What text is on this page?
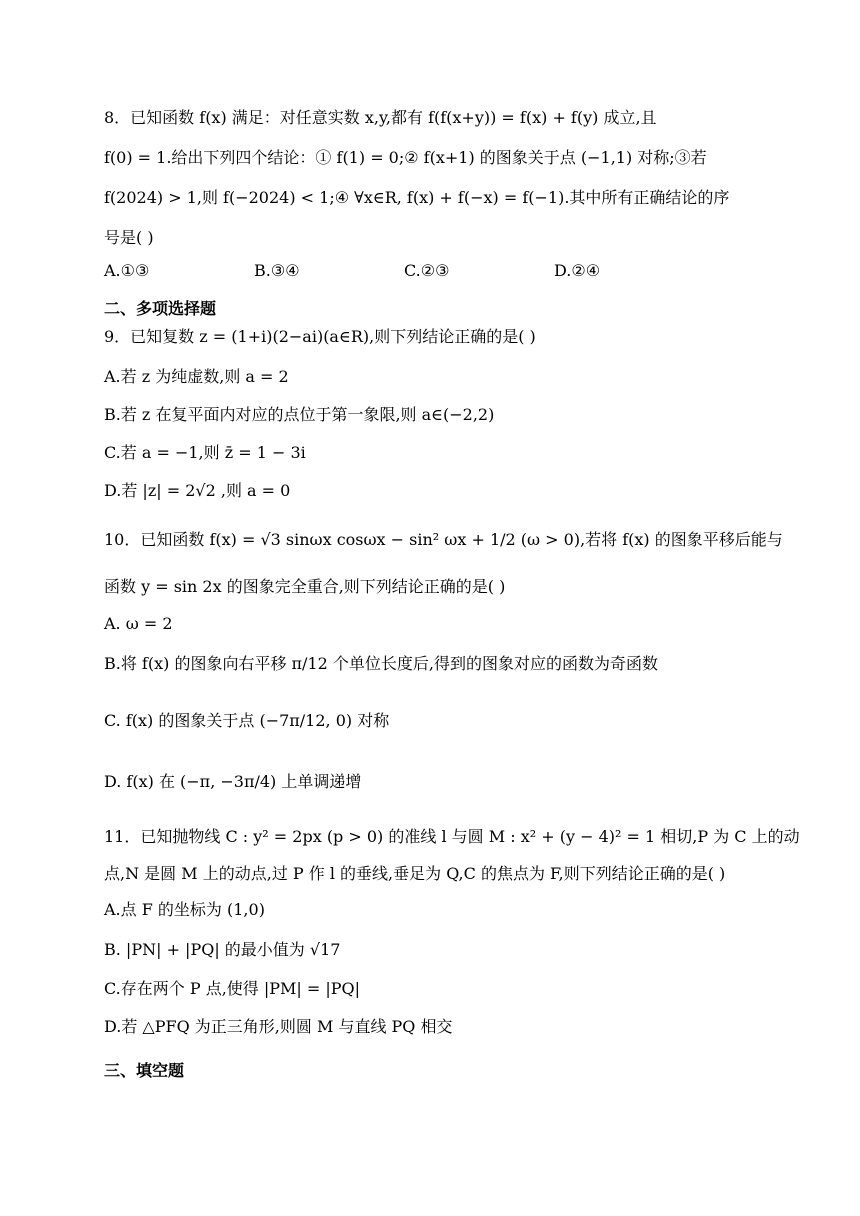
8．已知函数 f(x) 满足：对任意实数 x,y,都有 f(f(x+y)) = f(x) + f(y) 成立,且
f(0) = 1.给出下列四个结论：① f(1) = 0;② f(x+1) 的图象关于点 (−1,1) 对称;③若
f(2024) > 1,则 f(−2024) < 1;④ ∀x∈R, f(x) + f(−x) = f(−1).其中所有正确结论的序
号是( )
A.①③	B.③④	C.②③	D.②④
二、多项选择题
9．已知复数 z = (1+i)(2−ai)(a∈R),则下列结论正确的是( )
A.若 z 为纯虚数,则 a = 2
B.若 z 在复平面内对应的点位于第一象限,则 a∈(−2,2)
C.若 a = −1,则 z̄ = 1 − 3i
D.若 |z| = 2√2 ,则 a = 0
10．已知函数 f(x) = √3 sinωx cosωx − sin² ωx + 1/2 (ω > 0),若将 f(x) 的图象平移后能与
函数 y = sin 2x 的图象完全重合,则下列结论正确的是( )
A. ω = 2
B.将 f(x) 的图象向右平移 π/12 个单位长度后,得到的图象对应的函数为奇函数
C. f(x) 的图象关于点 (−7π/12, 0) 对称
D. f(x) 在 (−π, −3π/4) 上单调递增
11．已知抛物线 C : y² = 2px (p > 0) 的准线 l 与圆 M : x² + (y − 4)² = 1 相切,P 为 C 上的动
点,N 是圆 M 上的动点,过 P 作 l 的垂线,垂足为 Q,C 的焦点为 F,则下列结论正确的是( )
A.点 F 的坐标为 (1,0)
B. |PN| + |PQ| 的最小值为 √17
C.存在两个 P 点,使得 |PM| = |PQ|
D.若 △PFQ 为正三角形,则圆 M 与直线 PQ 相交
三、填空题
